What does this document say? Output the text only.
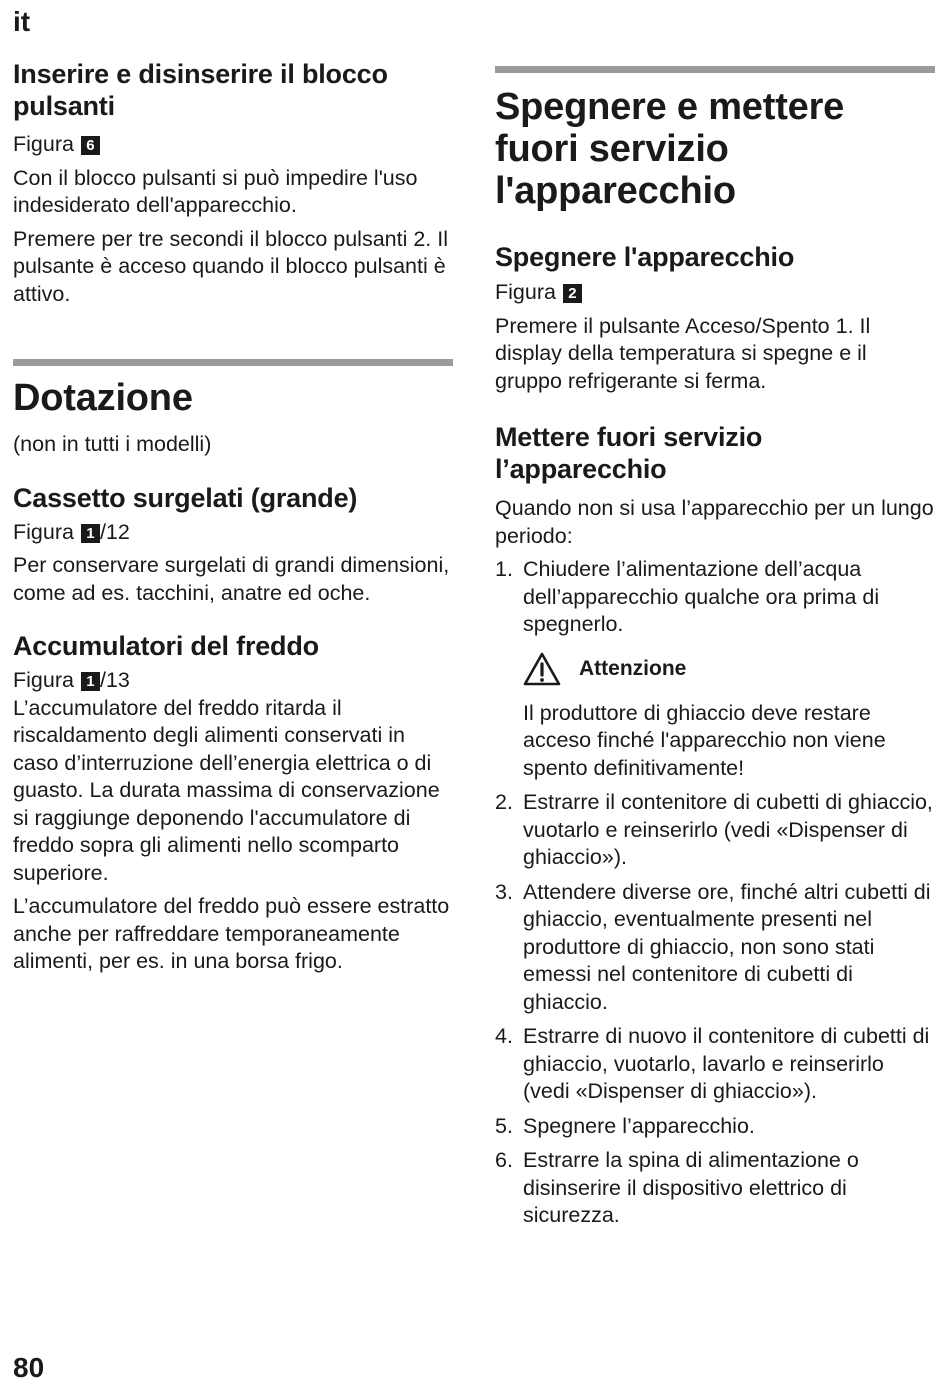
it
Inserire e disinserire il blocco pulsanti

Figura 6

Con il blocco pulsanti si può impedire l'uso indesiderato dell'apparecchio.

Premere per tre secondi il blocco pulsanti 2. Il pulsante è acceso quando il blocco pulsanti è attivo.

Dotazione

(non in tutti i modelli)

Cassetto surgelati (grande)

Figura 1 /12

Per conservare surgelati di grandi dimensioni, come ad es. tacchini, anatre ed oche.

Accumulatori del freddo

Figura 1 /13

L’accumulatore del freddo ritarda il riscaldamento degli alimenti conservati in caso d’interruzione dell’energia elettrica o di guasto. La durata massima di conservazione si raggiunge deponendo l'accumulatore di freddo sopra gli alimenti nello scomparto superiore.

L’accumulatore del freddo può essere estratto anche per raffreddare temporaneamente alimenti, per es. in una borsa frigo.

Spegnere e mettere fuori servizio l'apparecchio
Spegnere l'apparecchio

Figura 2

Premere il pulsante Acceso/Spento 1. Il display della temperatura si spegne e il gruppo refrigerante si ferma.

Mettere fuori servizio l’apparecchio

Quando non si usa l’apparecchio per un lungo periodo:

1. Chiudere l’alimentazione dell’acqua dell’apparecchio qualche ora prima di spegnerlo.
Attenzione

Il produttore di ghiaccio deve restare acceso finché l'apparecchio non viene spento definitivamente!

2. Estrarre il contenitore di cubetti di ghiaccio, vuotarlo e reinserirlo (vedi «Dispenser di ghiaccio»).
3. Attendere diverse ore, finché altri cubetti di ghiaccio, eventualmente presenti nel produttore di ghiaccio, non sono stati emessi nel contenitore di cubetti di ghiaccio.
4. Estrarre di nuovo il contenitore di cubetti di ghiaccio, vuotarlo, lavarlo e reinserirlo (vedi «Dispenser di ghiaccio»).
5. Spegnere l’apparecchio.
6. Estrarre la spina di alimentazione o disinserire il dispositivo elettrico di sicurezza.
80
